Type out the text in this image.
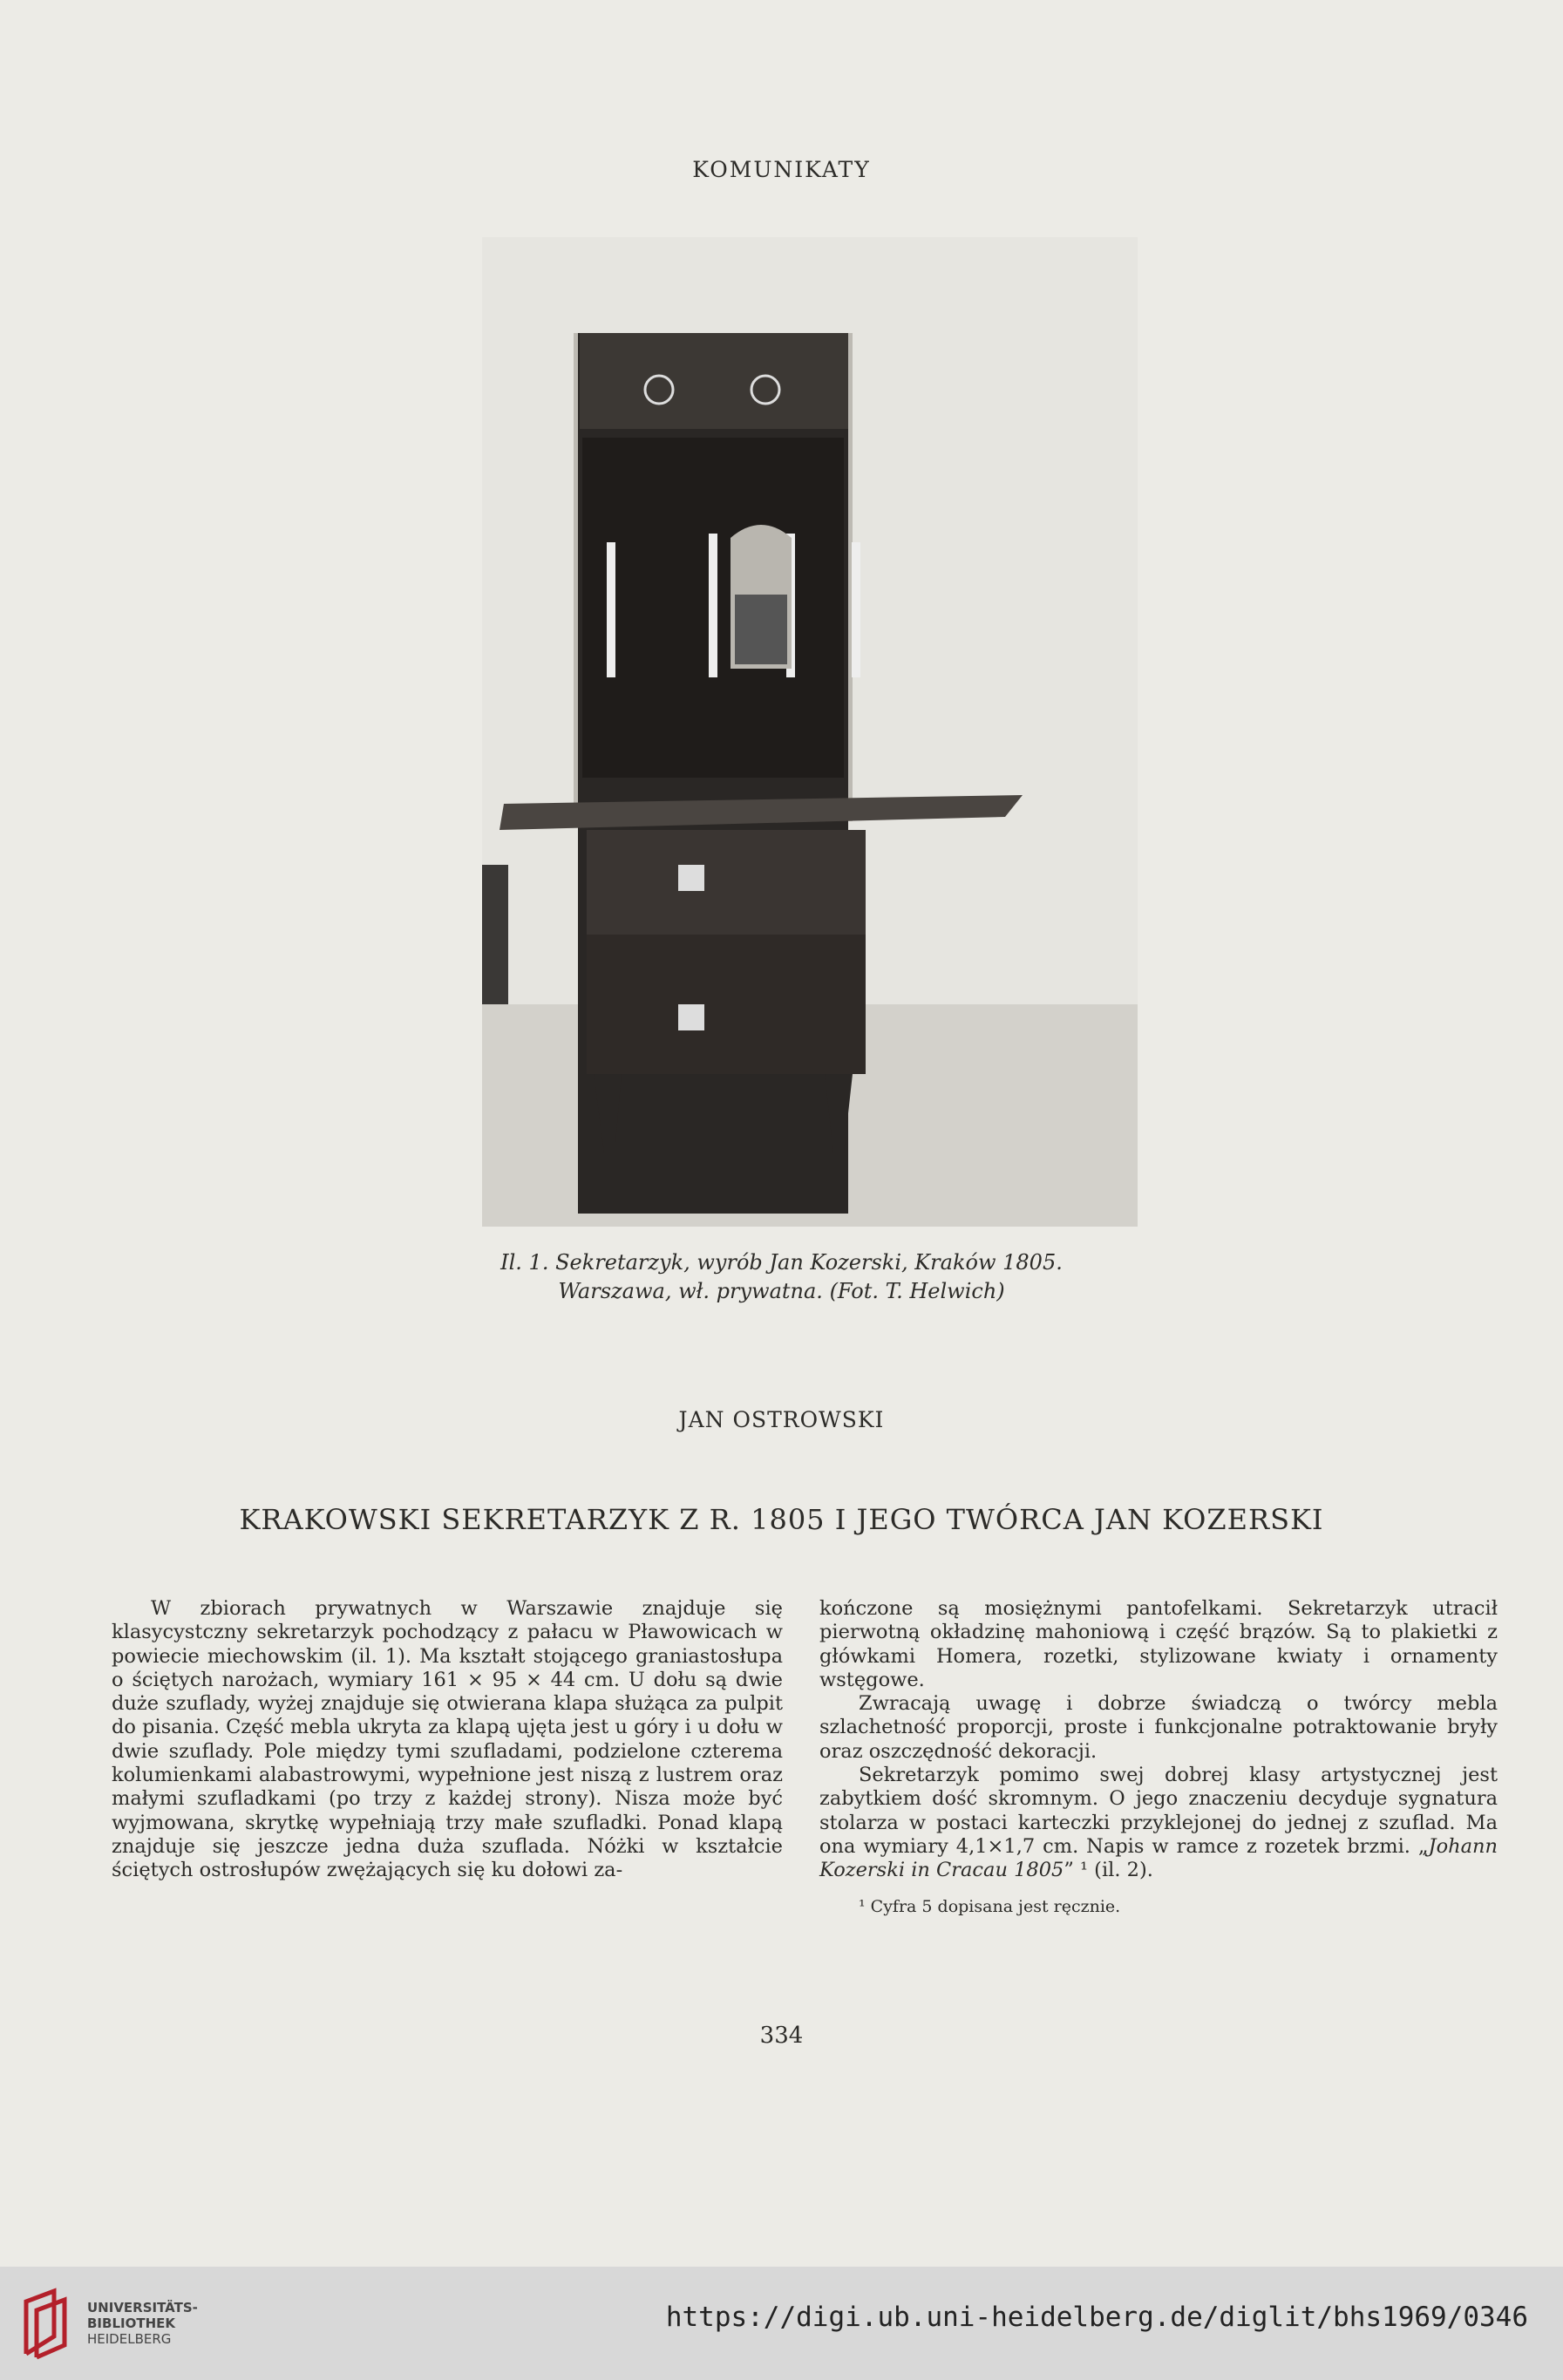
KOMUNIKATY
Il. 1. Sekretarzyk, wyrób Jan Kozerski, Kraków 1805.
Warszawa, wł. prywatna. (Fot. T. Helwich)
JAN OSTROWSKI
KRAKOWSKI SEKRETARZYK Z R. 1805 I JEGO TWÓRCA JAN KOZERSKI

W zbiorach prywatnych w Warszawie znajduje się klasycystczny sekretarzyk pochodzący z pałacu w Pławowicach w powiecie miechowskim (il. 1). Ma kształt stojącego graniastosłupa o ściętych narożach, wymiary 161 × 95 × 44 cm. U dołu są dwie duże szuflady, wyżej znajduje się otwierana klapa służąca za pulpit do pisania. Część mebla ukryta za klapą ujęta jest u góry i u dołu w dwie szuflady. Pole między tymi szufladami, podzielone czterema kolumienkami alabastrowymi, wypełnione jest niszą z lustrem oraz małymi szufladkami (po trzy z każdej strony). Nisza może być wyjmowana, skrytkę wypełniają trzy małe szufladki. Ponad klapą znajduje się jeszcze jedna duża szuflada. Nóżki w kształcie ściętych ostrosłupów zwężających się ku dołowi za-

kończone są mosiężnymi pantofelkami. Sekretarzyk utracił pierwotną okładzinę mahoniową i część brązów. Są to plakietki z główkami Homera, rozetki, stylizowane kwiaty i ornamenty wstęgowe.

Zwracają uwagę i dobrze świadczą o twórcy mebla szlachetność proporcji, proste i funkcjonalne potraktowanie bryły oraz oszczędność dekoracji.

Sekretarzyk pomimo swej dobrej klasy artystycznej jest zabytkiem dość skromnym. O jego znaczeniu decyduje sygnatura stolarza w postaci karteczki przyklejonej do jednej z szuflad. Ma ona wymiary 4,1×1,7 cm. Napis w ramce z rozetek brzmi. „Johann Kozerski in Cracau 1805” ¹ (il. 2).

¹ Cyfra 5 dopisana jest ręcznie.

334
UNIVERSITÄTS-
BIBLIOTHEK
HEIDELBERG
https://digi.ub.uni-heidelberg.de/diglit/bhs1969/0346
